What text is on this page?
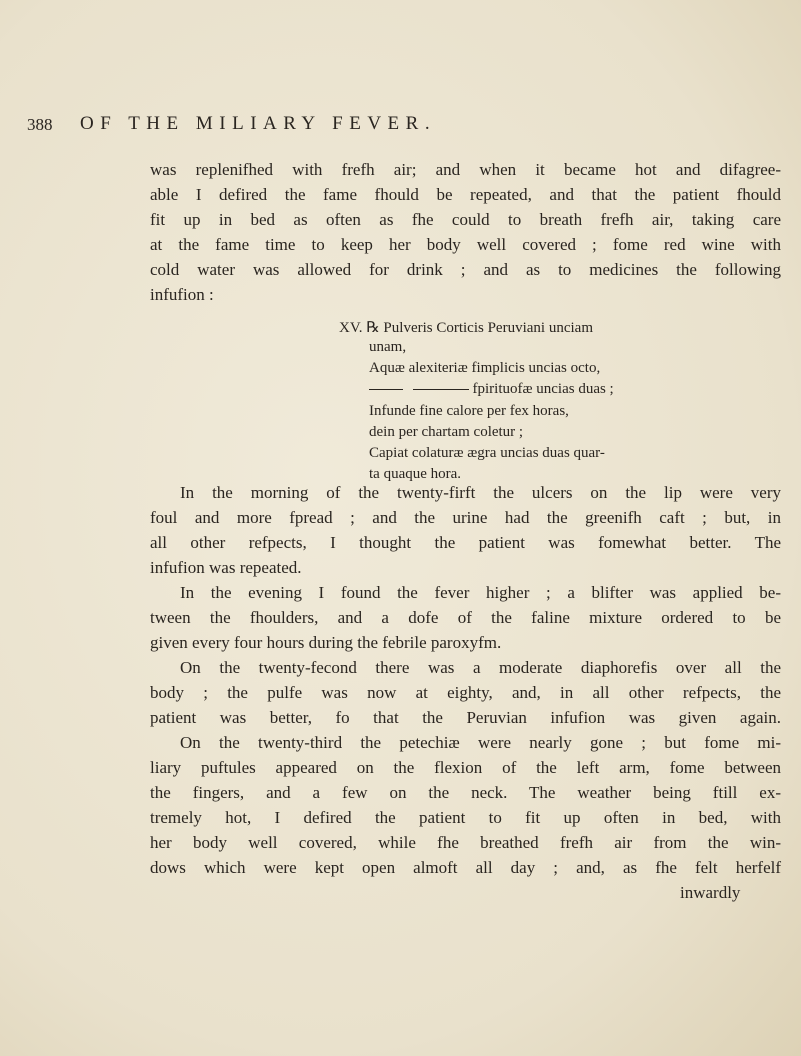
388 OF THE MILIARY FEVER.
was replenifhed with frefh air; and when it became hot and difagree-
able I defired the fame fhould be repeated, and that the patient fhould
fit up in bed as often as fhe could to breath frefh air, taking care
at the fame time to keep her body well covered ; fome red wine with
cold water was allowed for drink ; and as to medicines the following
infufion :
XV. ℞ Pulveris Corticis Peruviani unciam
unam,
Aquæ alexiteriæ fimplicis uncias octo,
fpirituofæ uncias duas ;
Infunde fine calore per fex horas,
dein per chartam coletur ;
Capiat colaturæ ægra uncias duas quar-
ta quaque hora.
In the morning of the twenty-firft the ulcers on the lip were very
foul and more fpread ; and the urine had the greenifh caft ; but, in
all other refpects, I thought the patient was fomewhat better. The
infufion was repeated.
In the evening I found the fever higher ; a blifter was applied be-
tween the fhoulders, and a dofe of the faline mixture ordered to be
given every four hours during the febrile paroxyfm.
On the twenty-fecond there was a moderate diaphorefis over all the
body ; the pulfe was now at eighty, and, in all other refpects, the
patient was better, fo that the Peruvian infufion was given again.
On the twenty-third the petechiæ were nearly gone ; but fome mi-
liary puftules appeared on the flexion of the left arm, fome between
the fingers, and a few on the neck. The weather being ftill ex-
tremely hot, I defired the patient to fit up often in bed, with
her body well covered, while fhe breathed frefh air from the win-
dows which were kept open almoft all day ; and, as fhe felt herfelf
inwardly
